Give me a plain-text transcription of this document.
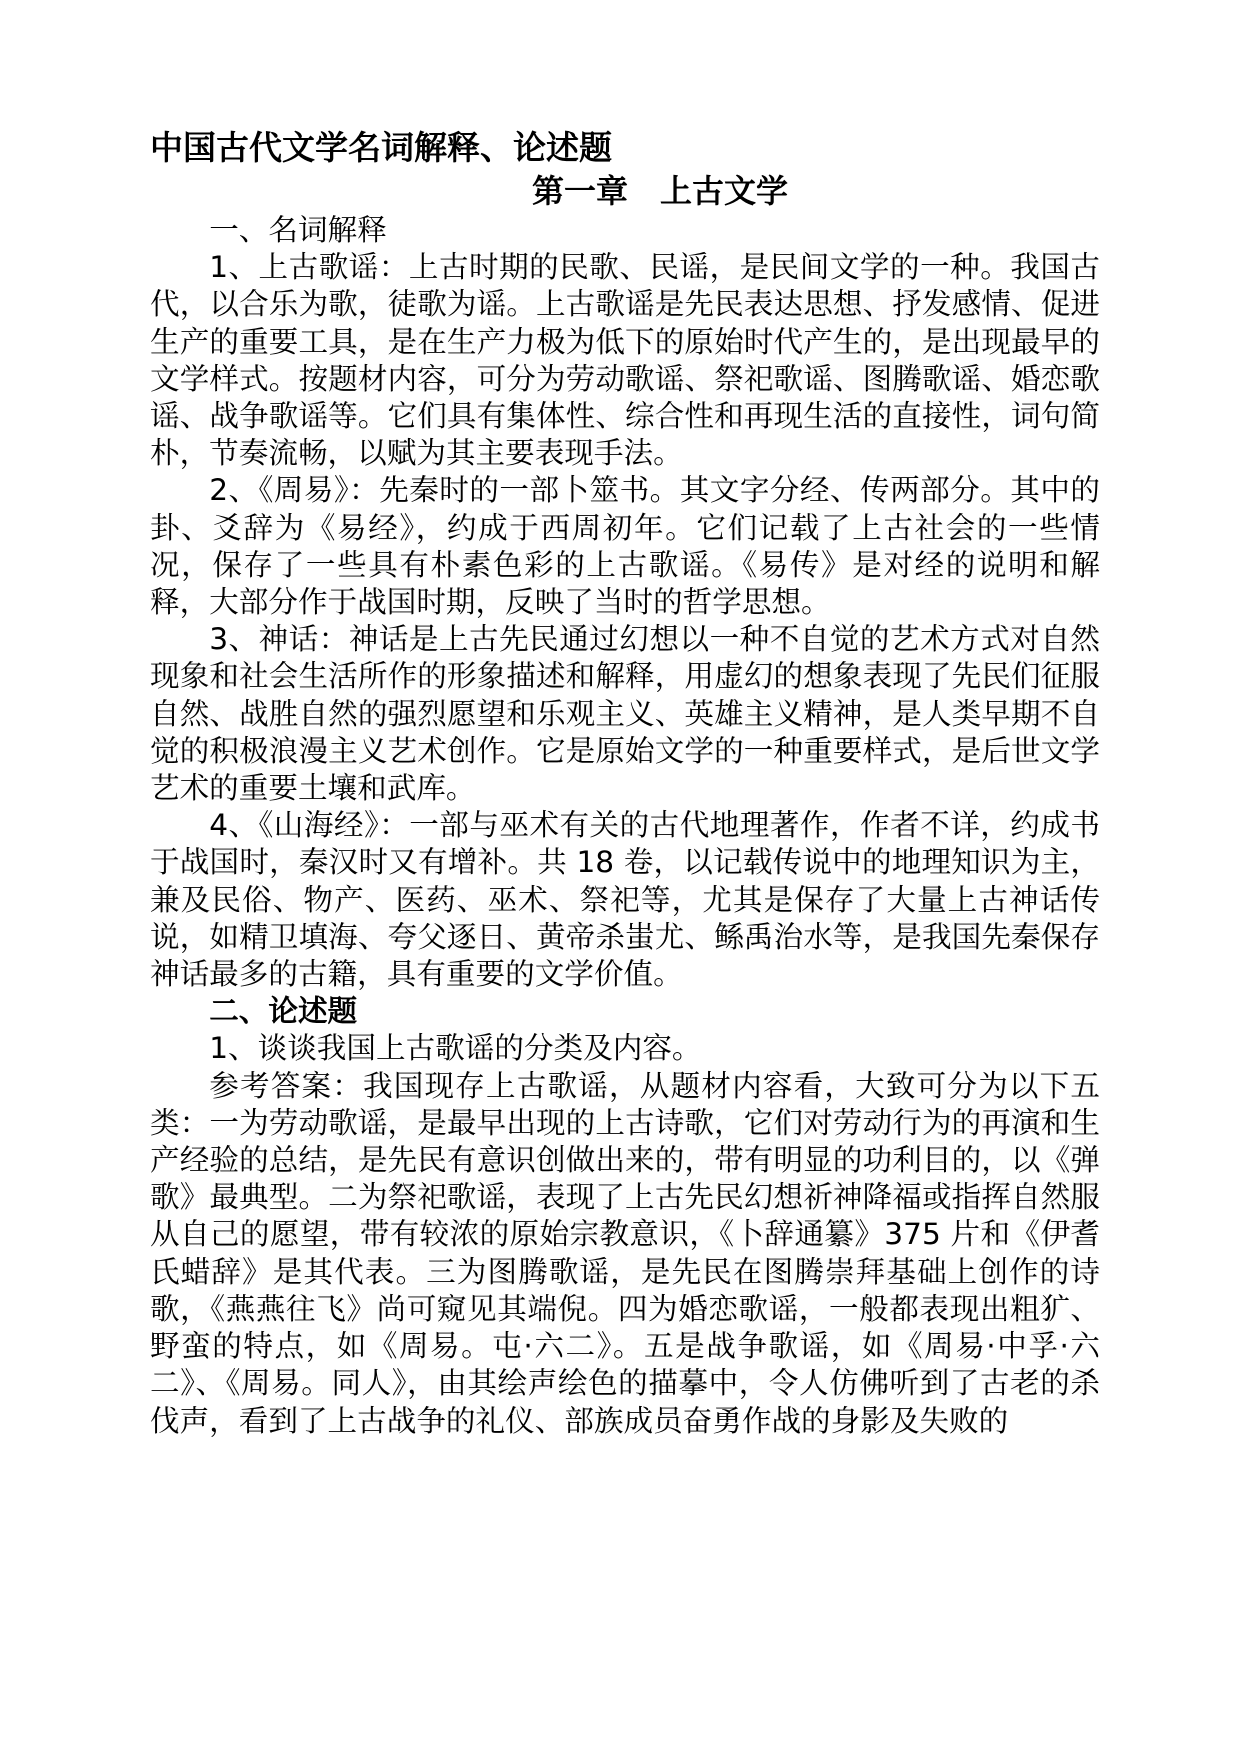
中国古代文学名词解释、论述题
第一章　上古文学

一、名词解释

1、上古歌谣：上古时期的民歌、民谣，是民间文学的一种。我国古代，以合乐为歌，徒歌为谣。上古歌谣是先民表达思想、抒发感情、促进生产的重要工具，是在生产力极为低下的原始时代产生的，是出现最早的文学样式。按题材内容，可分为劳动歌谣、祭祀歌谣、图腾歌谣、婚恋歌谣、战争歌谣等。它们具有集体性、综合性和再现生活的直接性，词句简朴，节奏流畅，以赋为其主要表现手法。

2、《周易》：先秦时的一部卜筮书。其文字分经、传两部分。其中的卦、爻辞为《易经》，约成于西周初年。它们记载了上古社会的一些情况，保存了一些具有朴素色彩的上古歌谣。《易传》是对经的说明和解释，大部分作于战国时期，反映了当时的哲学思想。

3、神话：神话是上古先民通过幻想以一种不自觉的艺术方式对自然现象和社会生活所作的形象描述和解释，用虚幻的想象表现了先民们征服自然、战胜自然的强烈愿望和乐观主义、英雄主义精神，是人类早期不自觉的积极浪漫主义艺术创作。它是原始文学的一种重要样式，是后世文学艺术的重要土壤和武库。

4、《山海经》：一部与巫术有关的古代地理著作，作者不详，约成书于战国时，秦汉时又有增补。共 18 卷，以记载传说中的地理知识为主，兼及民俗、物产、医药、巫术、祭祀等，尤其是保存了大量上古神话传说，如精卫填海、夸父逐日、黄帝杀蚩尤、鲧禹治水等，是我国先秦保存神话最多的古籍，具有重要的文学价值。

二、论述题

1、谈谈我国上古歌谣的分类及内容。

参考答案：我国现存上古歌谣，从题材内容看，大致可分为以下五类：一为劳动歌谣，是最早出现的上古诗歌，它们对劳动行为的再演和生产经验的总结，是先民有意识创做出来的，带有明显的功利目的，以《弹歌》最典型。二为祭祀歌谣，表现了上古先民幻想祈神降福或指挥自然服从自己的愿望，带有较浓的原始宗教意识，《卜辞通纂》375 片和《伊耆氏蜡辞》是其代表。三为图腾歌谣，是先民在图腾崇拜基础上创作的诗歌，《燕燕往飞》尚可窥见其端倪。四为婚恋歌谣，一般都表现出粗犷、野蛮的特点，如《周易。屯·六二》。五是战争歌谣，如《周易·中孚·六二》、《周易。同人》，由其绘声绘色的描摹中，令人仿佛听到了古老的杀伐声，看到了上古战争的礼仪、部族成员奋勇作战的身影及失败的
